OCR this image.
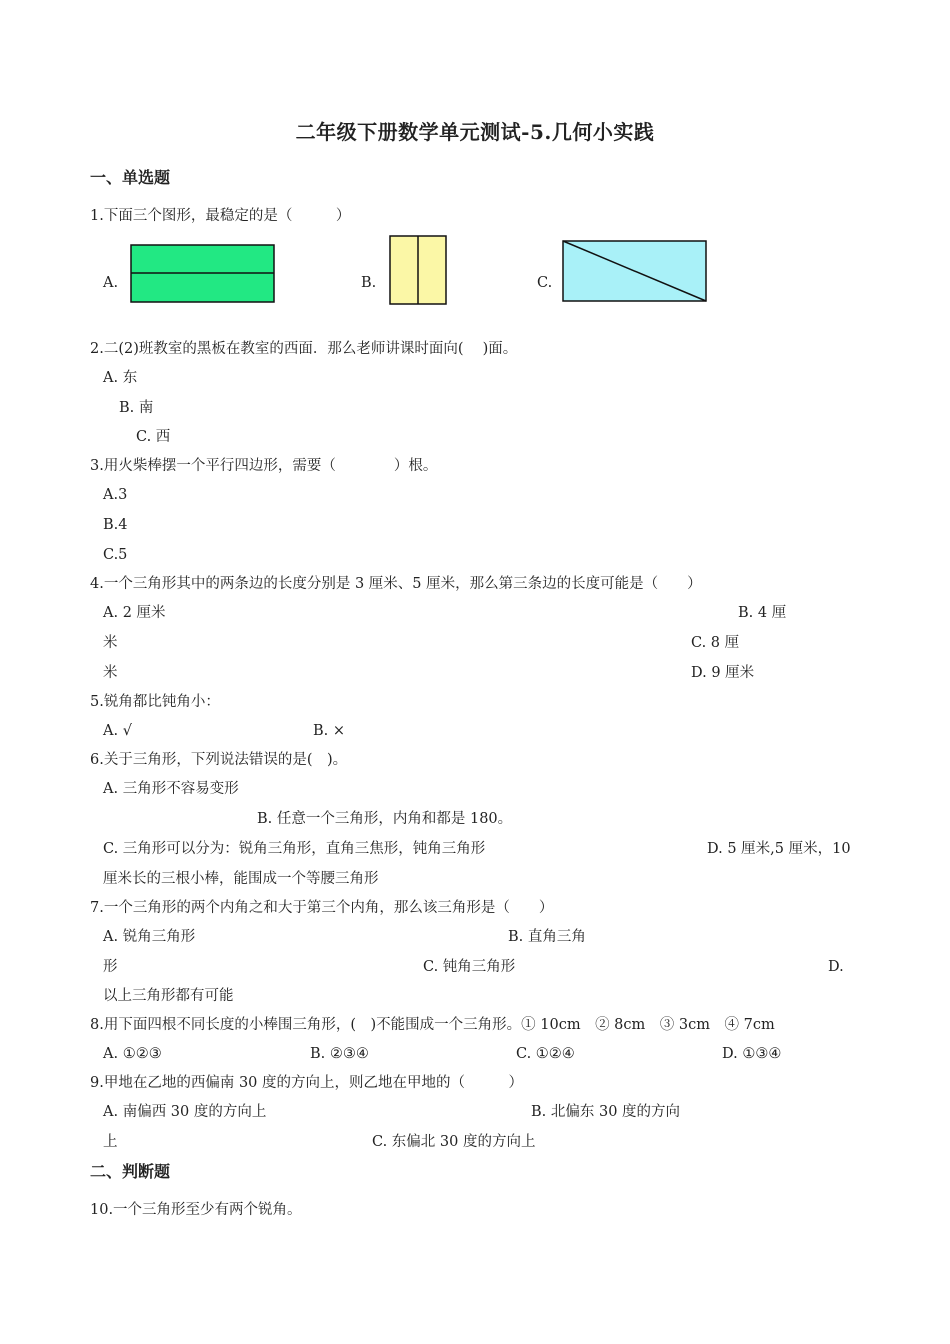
二年级下册数学单元测试-5.几何小实践
一、单选题
1.下面三个图形，最稳定的是（　　　）
A.	B.	C.
2.二(2)班教室的黑板在教室的西面．那么老师讲课时面向(　 )面。
A. 东
B. 南
C. 西
3.用火柴棒摆一个平行四边形，需要（　　　　）根。
A.3
B.4
C.5
4.一个三角形其中的两条边的长度分别是 3 厘米、5 厘米，那么第三条边的长度可能是（　　）
A. 2 厘米	B. 4 厘
米	C. 8 厘
米	D. 9 厘米
5.锐角都比钝角小：
A. √	B. ×
6.关于三角形，下列说法错误的是(　)。
A. 三角形不容易变形
B. 任意一个三角形，内角和都是 180。
C. 三角形可以分为：锐角三角形，直角三焦形，钝角三角形	D. 5 厘米,5 厘米，10
厘米长的三根小棒，能围成一个等腰三角形
7.一个三角形的两个内角之和大于第三个内角，那么该三角形是（　　）
A. 锐角三角形	B. 直角三角
形	C. 钝角三角形	D.
以上三角形都有可能
8.用下面四根不同长度的小棒围三角形，(　)不能围成一个三角形。① 10cm　② 8cm　③ 3cm　④ 7cm
A. ①②③	B. ②③④	C. ①②④	D. ①③④
9.甲地在乙地的西偏南 30 度的方向上，则乙地在甲地的（　　　）
A. 南偏西 30 度的方向上	B. 北偏东 30 度的方向
上	C. 东偏北 30 度的方向上
二、判断题
10.一个三角形至少有两个锐角。
